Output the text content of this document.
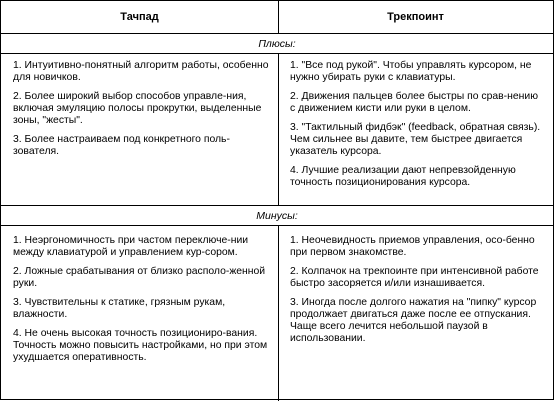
Тачпад	Трекпоинт
Плюсы:

1. Интуитивно-понятный алгоритм работы, особенно для новичков.

2. Более широкий выбор способов управле-ния, включая эмуляцию полосы прокрутки, выделенные зоны, "жесты".

3. Более настраиваем под конкретного поль-зователя.

1. "Все под рукой". Чтобы управлять курсором, не нужно убирать руки с клавиатуры.

2. Движения пальцев более быстры по срав-нению с движением кисти или руки в целом.

3. "Тактильный фидбэк" (feedback, обратная связь). Чем сильнее вы давите, тем быстрее двигается указатель курсора.

4. Лучшие реализации дают непревзойденную точность позиционирования курсора.

Минусы:

1. Неэргономичность при частом переключе-нии между клавиатурой и управлением кур-сором.

2. Ложные срабатывания от близко располо-женной руки.

3. Чувствительны к статике, грязным рукам, влажности.

4. Не очень высокая точность позициониро-вания. Точность можно повысить настройками, но при этом ухудшается оперативность.

1. Неочевидность приемов управления, осо-бенно при первом знакомстве.

2. Колпачок на трекпоинте при интенсивной работе быстро засоряется и/или изнашивается.

3. Иногда после долгого нажатия на "пипку" курсор продолжает двигаться даже после ее отпускания. Чаще всего лечится небольшой паузой в использовании.
